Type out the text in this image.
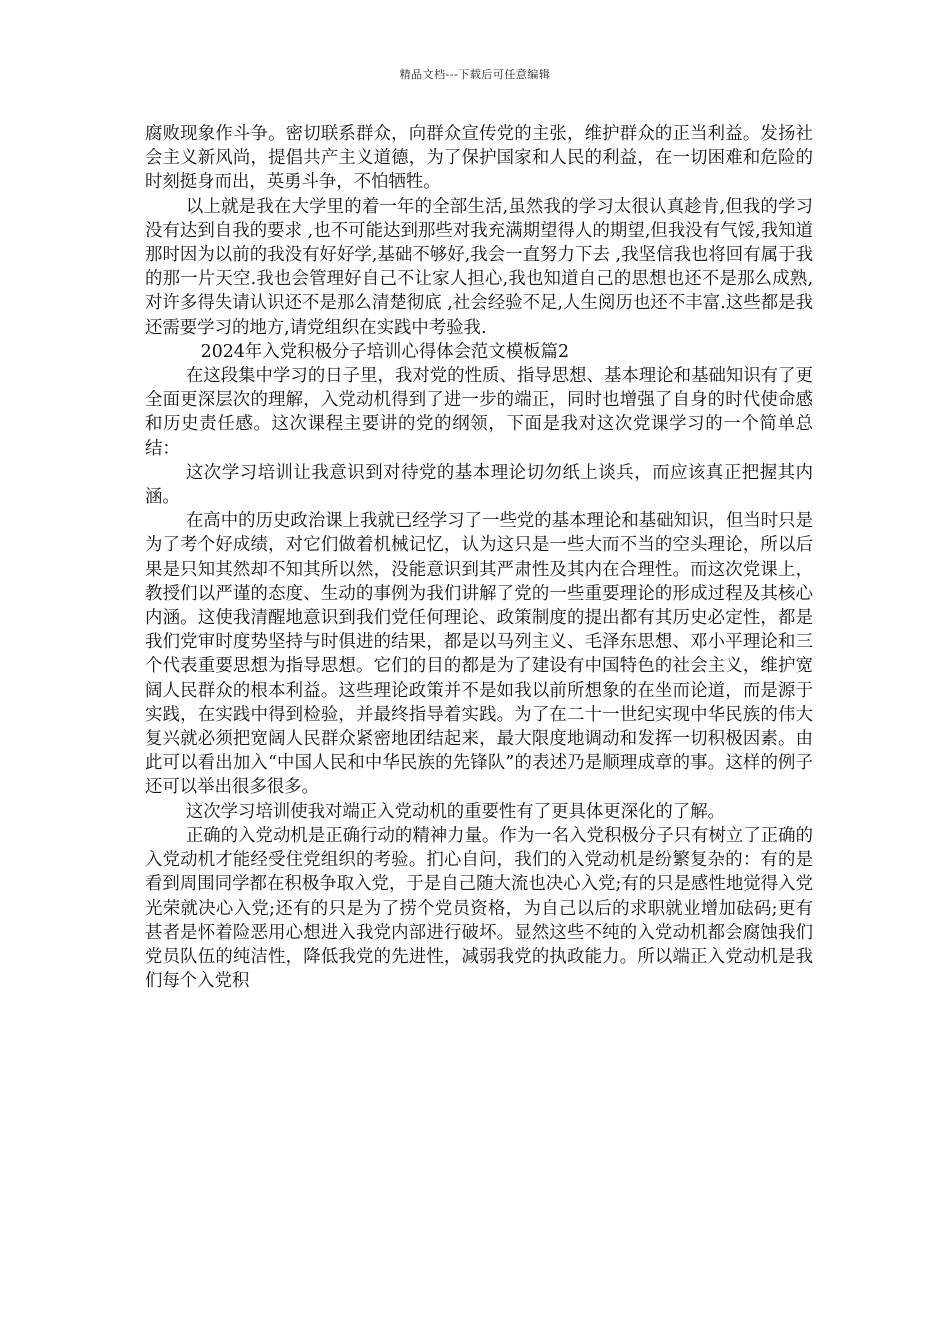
精品文档---下载后可任意编辑

腐败现象作斗争。密切联系群众，向群众宣传党的主张，维护群众的正当利益。发扬社会主义新风尚，提倡共产主义道德，为了保护国家和人民的利益，在一切困难和危险的时刻挺身而出，英勇斗争，不怕牺牲。

以上就是我在大学里的着一年的全部生活,虽然我的学习太很认真趁肯,但我的学习没有达到自我的要求 ,也不可能达到那些对我充满期望得人的期望,但我没有气馁,我知道那时因为以前的我没有好好学,基础不够好,我会一直努力下去 ,我坚信我也将回有属于我的那一片天空.我也会管理好自己不让家人担心,我也知道自己的思想也还不是那么成熟,对许多得失请认识还不是那么清楚彻底 ,社会经验不足,人生阅历也还不丰富.这些都是我还需要学习的地方,请党组织在实践中考验我.

2024年入党积极分子培训心得体会范文模板篇2

在这段集中学习的日子里，我对党的性质、指导思想、基本理论和基础知识有了更全面更深层次的理解，入党动机得到了进一步的端正，同时也增强了自身的时代使命感和历史责任感。这次课程主要讲的党的纲领，下面是我对这次党课学习的一个简单总结：

这次学习培训让我意识到对待党的基本理论切勿纸上谈兵，而应该真正把握其内涵。

在高中的历史政治课上我就已经学习了一些党的基本理论和基础知识，但当时只是为了考个好成绩，对它们做着机械记忆，认为这只是一些大而不当的空头理论，所以后果是只知其然却不知其所以然，没能意识到其严肃性及其内在合理性。而这次党课上，教授们以严谨的态度、生动的事例为我们讲解了党的一些重要理论的形成过程及其核心内涵。这使我清醒地意识到我们党任何理论、政策制度的提出都有其历史必定性，都是我们党审时度势坚持与时俱进的结果，都是以马列主义、毛泽东思想、邓小平理论和三个代表重要思想为指导思想。它们的目的都是为了建设有中国特色的社会主义，维护宽阔人民群众的根本利益。这些理论政策并不是如我以前所想象的在坐而论道，而是源于实践，在实践中得到检验，并最终指导着实践。为了在二十一世纪实现中华民族的伟大复兴就必须把宽阔人民群众紧密地团结起来，最大限度地调动和发挥一切积极因素。由此可以看出加入“中国人民和中华民族的先锋队”的表述乃是顺理成章的事。这样的例子还可以举出很多很多。

这次学习培训使我对端正入党动机的重要性有了更具体更深化的了解。

正确的入党动机是正确行动的精神力量。作为一名入党积极分子只有树立了正确的入党动机才能经受住党组织的考验。扪心自问，我们的入党动机是纷繁复杂的：有的是看到周围同学都在积极争取入党，于是自己随大流也决心入党;有的只是感性地觉得入党光荣就决心入党;还有的只是为了捞个党员资格，为自己以后的求职就业增加砝码;更有甚者是怀着险恶用心想进入我党内部进行破坏。显然这些不纯的入党动机都会腐蚀我们党员队伍的纯洁性，降低我党的先进性，减弱我党的执政能力。所以端正入党动机是我们每个入党积
